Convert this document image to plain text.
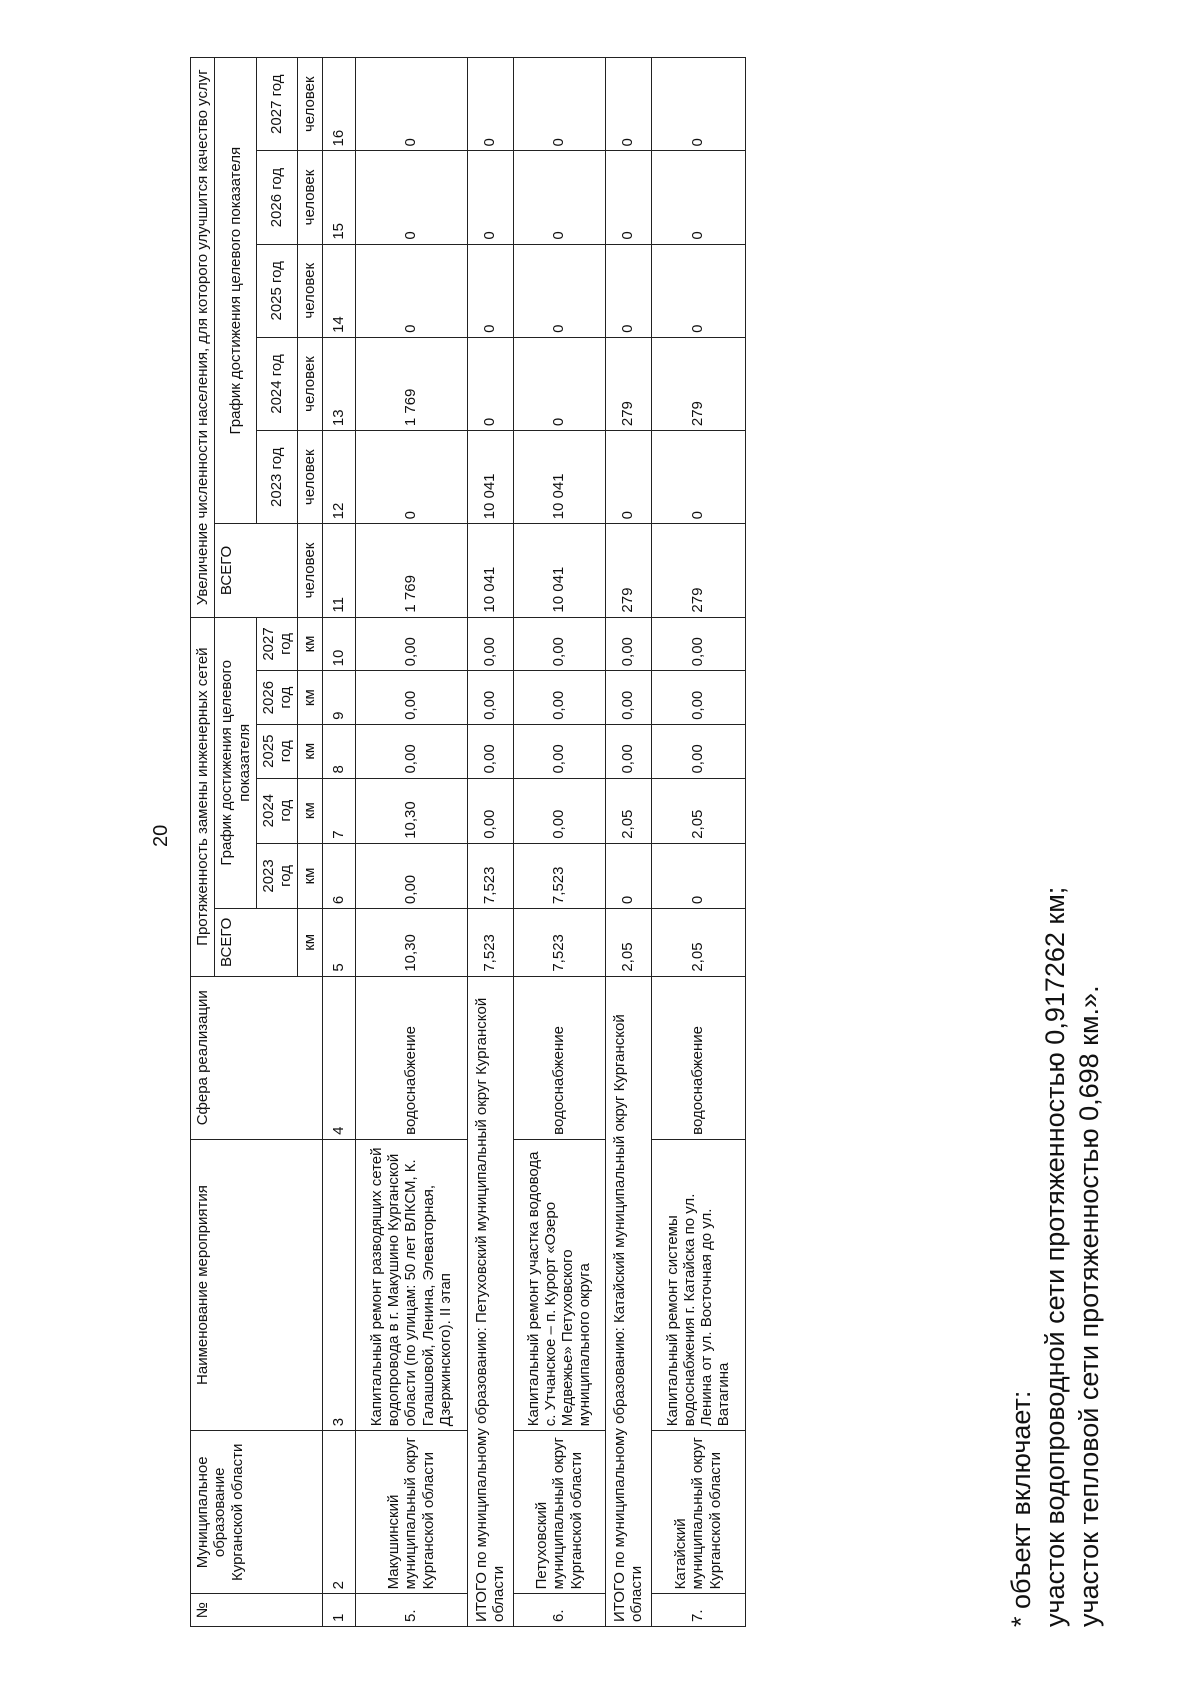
20
№	Муниципальное образование Курганской области	Наименование мероприятия	Сфера реализации	Протяженность замены инженерных сетей						Увеличение численности населения, для которого улучшится качество услуг					
				ВСЕГО	График достижения целевого показателя					ВСЕГО	График достижения целевого показателя				
					2023 год	2024 год	2025 год	2026 год	2027 год		2023 год	2024 год	2025 год	2026 год	2027 год
				км	км	км	км	км	км	человек	человек	человек	человек	человек	человек
1	2	3	4	5	6	7	8	9	10	11	12	13	14	15	16
5.	Макушинский муниципальный округ Курганской области	Капитальный ремонт разводящих сетей водопровода в г. Макушино Курганской области (по улицам: 50 лет ВЛКСМ, К. Галашовой, Ленина, Элеваторная, Дзержинского). II этап	водоснабжение	10,30	0,00	10,30	0,00	0,00	0,00	1 769	0	1 769	0	0	0
ИТОГО по муниципальному образованию: Петуховский муниципальный округ Курганской области				7,523	7,523	0,00	0,00	0,00	0,00	10 041	10 041	0	0	0	0
6.	Петуховский муниципальный округ Курганской области	Капитальный ремонт участка водовода с. Утчанское – п. Курорт «Озеро Медвежье» Петуховского муниципального округа	водоснабжение	7,523	7,523	0,00	0,00	0,00	0,00	10 041	10 041	0	0	0	0
ИТОГО по муниципальному образованию: Катайский муниципальный округ Курганской области				2,05	0	2,05	0,00	0,00	0,00	279	0	279	0	0	0
7.	Катайский муниципальный округ Курганской области	Капитальный ремонт системы водоснабжения г. Катайска по ул. Ленина от ул. Восточная до ул. Ватагина	водоснабжение	2,05	0	2,05	0,00	0,00	0,00	279	0	279	0	0	0
* объект включает: участок водопроводной сети протяженностью 0,917262 км; участок тепловой сети протяженностью 0,698 км.».
